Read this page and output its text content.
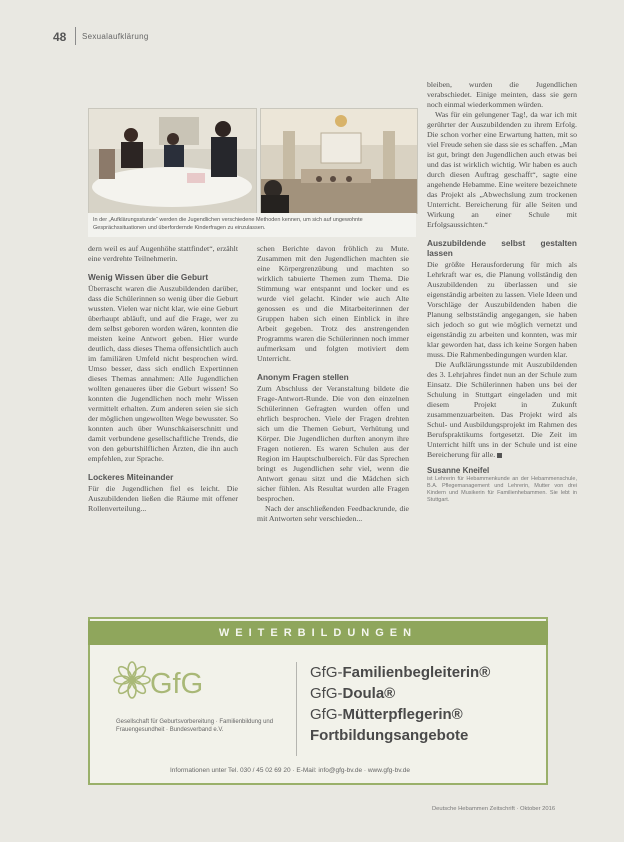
48 Sexualaufklärung
In der „Aufklärungsstunde“ werden die Jugendlichen verschiedene Methoden kennen, um sich auf ungewohnte Gesprächssituationen und überfordernde Kinderfragen zu einzulassen.

dern weil es auf Augenhöhe stattfindet“, erzählt eine verdrehte Teilnehmerin.

Wenig Wissen über die Geburt

Überrascht waren die Auszubildenden darüber, dass die Schülerinnen so wenig über die Geburt wussten. Vielen war nicht klar, wie eine Geburt überhaupt abläuft, und auf die Frage, wer zu dem selbst geboren worden wären, konnten die meisten keine Antwort geben. Hier wurde deutlich, dass dieses Thema offensichtlich auch im familiären Umfeld nicht besprochen wird. Umso besser, dass sich endlich Expertinnen dieses Themas annahmen: Alle Jugendlichen wollten genaueres über die Geburt wissen! So konnten die Jugendlichen noch mehr Wissen vermittelt erhalten. Zum anderen seien sie sich der möglichen ungewollten Wege bewusster. So konnten auch über Wunschkaiserschnitt und damit verbundene gesellschaftliche Trends, die von den geburtshilflichen Ärzten, die ihn auch empfehlen, zur Sprache.

Lockeres Miteinander

Für die Jugendlichen fiel es leicht. Die Auszubildenden ließen die Räume mit offener Rollenverteilung...

schen Berichte davon fröhlich zu Mute. Zusammen mit den Jugendlichen machten sie eine Körpergrenzübung und machten so wirklich tabuierte Themen zum Thema. Die Stimmung war entspannt und locker und es wurde viel gelacht. Kinder wie auch Alte genossen es und die Mitarbeiterinnen der Gruppen haben sich einen Einblick in ihre Arbeit gegeben. Trotz des anstrengenden Programms waren die Schülerinnen noch immer aufmerksam und folgten motiviert dem Unterricht.

Anonym Fragen stellen

Zum Abschluss der Veranstaltung bildete die Frage-Antwort-Runde. Die von den einzelnen Schülerinnen Gefragten wurden offen und ehrlich besprochen. Viele der Fragen drehten sich um die Themen Geburt, Verhütung und Körper. Die Jugendlichen durften anonym ihre Fragen notieren. Es waren Schulen aus der Region im Hauptschulbereich. Für das Sprechen bringt es Jugendlichen sehr viel, wenn die Antwort genau sitzt und die Mädchen sich sicher fühlen. Als Resultat wurden alle Fragen besprochen.

Nach der anschließenden Feedbackrunde, die mit Antworten sehr verschieden...

bleiben, wurden die Jugendlichen verabschiedet. Einige meinten, dass sie gern noch einmal wiederkommen würden.

Was für ein gelungener Tag!, da war ich mit gerührter der Auszubildenden zu ihrem Erfolg. Die schon vorher eine Erwartung hatten, mit so viel Freude sehen sie dass sie es schaffen. „Man ist gut, bringt den Jugendlichen auch etwas bei und das ist wirklich wichtig. Wir haben es auch durch diesen Auftrag geschafft“, sagte eine angehende Hebamme. Eine weitere bezeichnete das Projekt als „Abwechslung zum trockenen Unterricht. Bereicherung für alle Seiten und Wirkung an einer Schule mit Erfolgsaussichten.“

Auszubildende selbst gestalten lassen

Die größte Herausforderung für mich als Lehrkraft war es, die Planung vollständig den Auszubildenden zu überlassen und sie eigenständig arbeiten zu lassen. Viele Ideen und Vorschläge der Auszubildenden haben die Planung selbstständig angegangen, sie haben sich jedoch so gut wie möglich vernetzt und eigenständig zu arbeiten und konnten, was mir klar geworden hat, dass ich keine Sorgen haben muss. Die Rahmenbedingungen wurden klar.

Die Aufklärungsstunde mit Auszubildenden des 3. Lehrjahres findet nun an der Schule zum Einsatz. Die Schülerinnen haben uns bei der Schulung in Stuttgart eingeladen und mit diesem Projekt in Zukunft zusammenzuarbeiten. Das Projekt wird als Schul- und Ausbildungsprojekt im Rahmen des Berufspraktikums fortgesetzt. Die Zeit im Unterricht hilft uns in der Schule und ist eine Bereicherung für alle.

Susanne Kneifel
ist Lehrerin für Hebammenkunde an der Hebammenschule, B.A. Pflegemanagement und Lehrerin, Mutter von drei Kindern und Musikerin für Familienhebammen. Sie lebt in Stuttgart.
WEITERBILDUNGEN
GfG
Gesellschaft für Geburtsvorbereitung · Familienbildung und Frauengesundheit · Bundesverband e.V.
GfG-Familienbegleiterin®
GfG-Doula®
GfG-Mütterpflegerin®
Fortbildungsangebote
Informationen unter Tel. 030 / 45 02 69 20 · E-Mail: info@gfg-bv.de · www.gfg-bv.de
Deutsche Hebammen Zeitschrift · Oktober 2016
